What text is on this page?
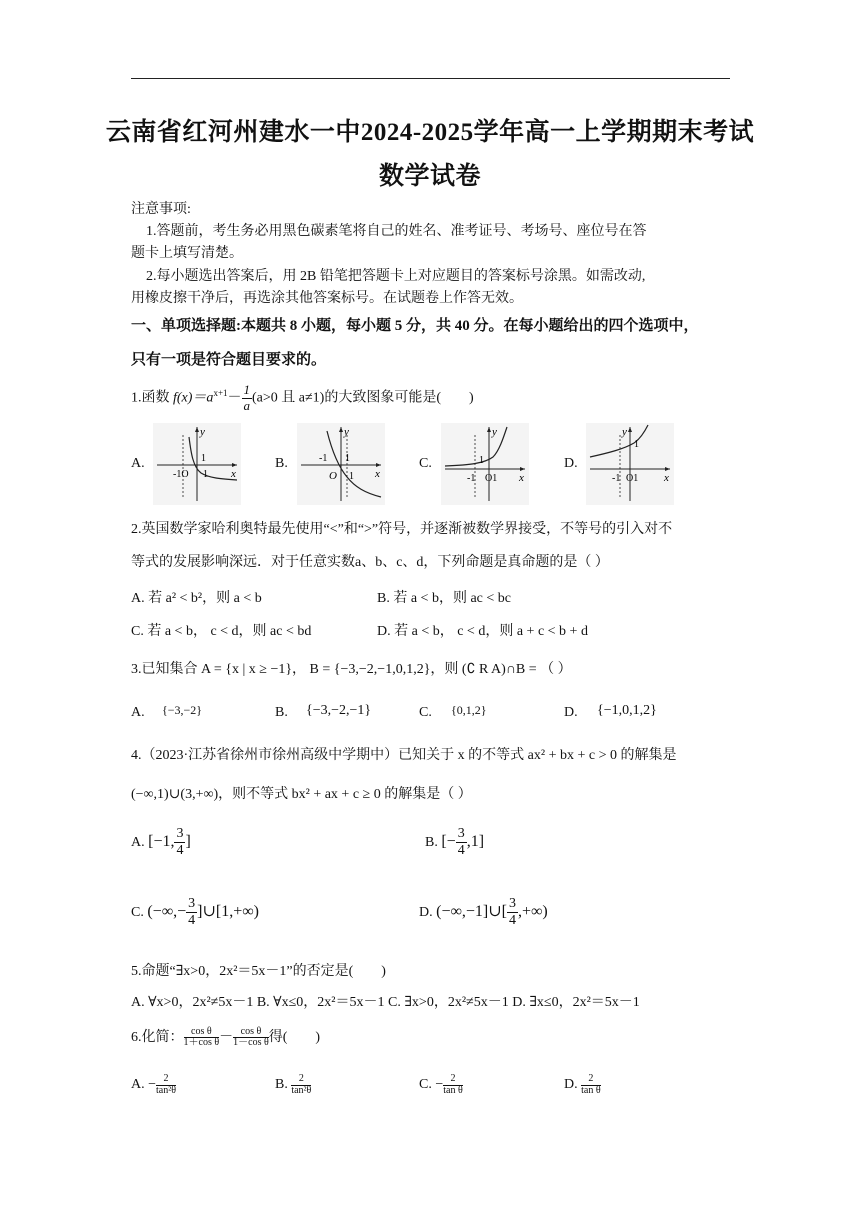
云南省红河州建水一中2024-2025学年高一上学期期末考试
数学试卷
注意事项:
1.答题前，考生务必用黑色碳素笔将自己的姓名、准考证号、考场号、座位号在答
题卡上填写清楚。
2.每小题选出答案后，用 2B 铅笔把答题卡上对应题目的答案标号涂黑。如需改动,
用橡皮擦干净后，再选涂其他答案标号。在试题卷上作答无效。
一、单项选择题:本题共 8 小题，每小题 5 分，共 40 分。在每小题给出的四个选项中，
只有一项是符合题目要求的。
1.函数 $f(x)=a^{x+1}- \frac{1}{a}(a>0$ 且 a≠1)的大致图象可能是(　　)
A.	B.	C.	D.
y
x
1
-1O 1
y
x
-1 1
O 1
y
x
1
-1 O1
y
x
1
-1 O1
2.英国数学家哈利奥特最先使用“<”和“>”符号，并逐渐被数学界接受，不等号的引入对不
等式的发展影响深远．对于任意实数a、b、c、d，下列命题是真命题的是（ ）
A. 若 a² < b²，则 a < b	B. 若 a < b，则 ac < bc
C. 若 a < b， c < d，则 ac < bd	D. 若 a < b， c < d，则 a + c < b + d
3.已知集合 A = {x | x ≥ −1}， B = {−3,−2,−1,0,1,2}，则 (∁ R A)∩B = （ ）
A. {−3,−2}	B. {−3,−2,−1}	C. {0,1,2}	D. {−1,0,1,2}
4.（2023·江苏省徐州市徐州高级中学期中）已知关于 x 的不等式 ax² + bx + c > 0 的解集是
(−∞,1)∪(3,+∞)，则不等式 bx² + ax + c ≥ 0 的解集是（ ）
A. [−1, $\frac{3}{4}$]	B. [− $\frac{3}{4},1$]
C. (−∞,− $\frac{3}{4}]\cup[1,+\infty)$	D. (−∞,−1]∪[ $\frac{3}{4},+\infty$)
5.命题“∃x>0，2x²＝5x－1”的否定是(　　)
A. ∀x>0，2x²≠5x－1 B. ∀x≤0，2x²＝5x－1 C. ∃x>0，2x²≠5x－1 D. ∃x≤0，2x²＝5x－1
6.化简： $\frac{\text{cos θ}}{\text{1＋cos θ}} - \frac{\text{cos θ}}{\text{1－cos θ}}$ 得(　　)
A. − $\frac{2}{\text{tan²θ}}$	B. $\frac{2}{\text{tan²θ}}$	C. − $\frac{2}{\text{tan θ}}$	D. $\frac{2}{\text{tan θ}}$
